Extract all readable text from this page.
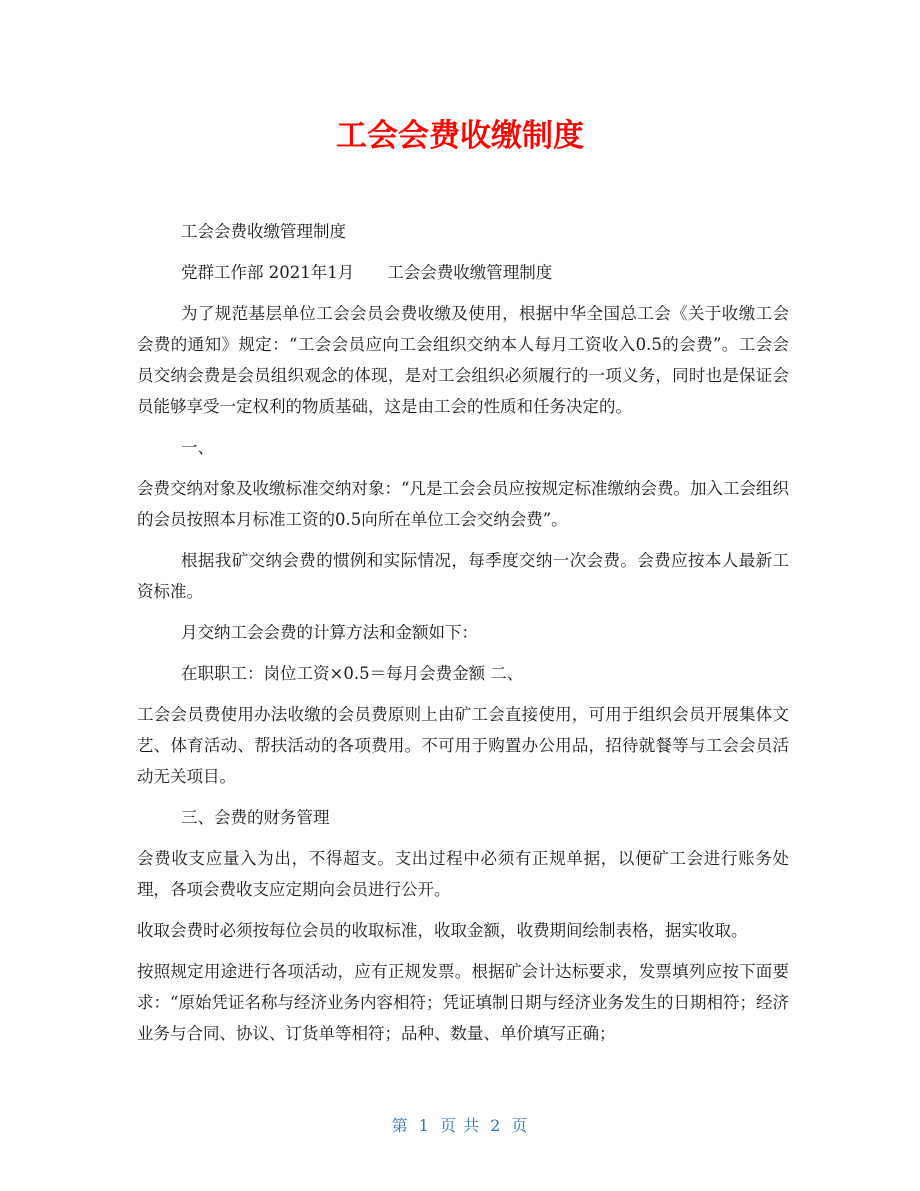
工会会费收缴制度

工会会费收缴管理制度

党群工作部 2021年1月　　工会会费收缴管理制度

为了规范基层单位工会会员会费收缴及使用，根据中华全国总工会《关于收缴工会会费的通知》规定：“工会会员应向工会组织交纳本人每月工资收入0.5的会费”。工会会员交纳会费是会员组织观念的体现，是对工会组织必须履行的一项义务，同时也是保证会员能够享受一定权利的物质基础，这是由工会的性质和任务决定的。

一、

会费交纳对象及收缴标准交纳对象：“凡是工会会员应按规定标准缴纳会费。加入工会组织的会员按照本月标准工资的0.5向所在单位工会交纳会费”。

根据我矿交纳会费的惯例和实际情况，每季度交纳一次会费。会费应按本人最新工资标准。

月交纳工会会费的计算方法和金额如下：

在职职工：岗位工资×0.5＝每月会费金额 二、

工会会员费使用办法收缴的会员费原则上由矿工会直接使用，可用于组织会员开展集体文艺、体育活动、帮扶活动的各项费用。不可用于购置办公用品，招待就餐等与工会会员活动无关项目。

三、会费的财务管理

会费收支应量入为出，不得超支。支出过程中必须有正规单据，以便矿工会进行账务处理，各项会费收支应定期向会员进行公开。

收取会费时必须按每位会员的收取标准，收取金额，收费期间绘制表格，据实收取。

按照规定用途进行各项活动，应有正规发票。根据矿会计达标要求，发票填列应按下面要求：“原始凭证名称与经济业务内容相符；凭证填制日期与经济业务发生的日期相符；经济业务与合同、协议、订货单等相符；品种、数量、单价填写正确；

第 1 页 共 2 页
